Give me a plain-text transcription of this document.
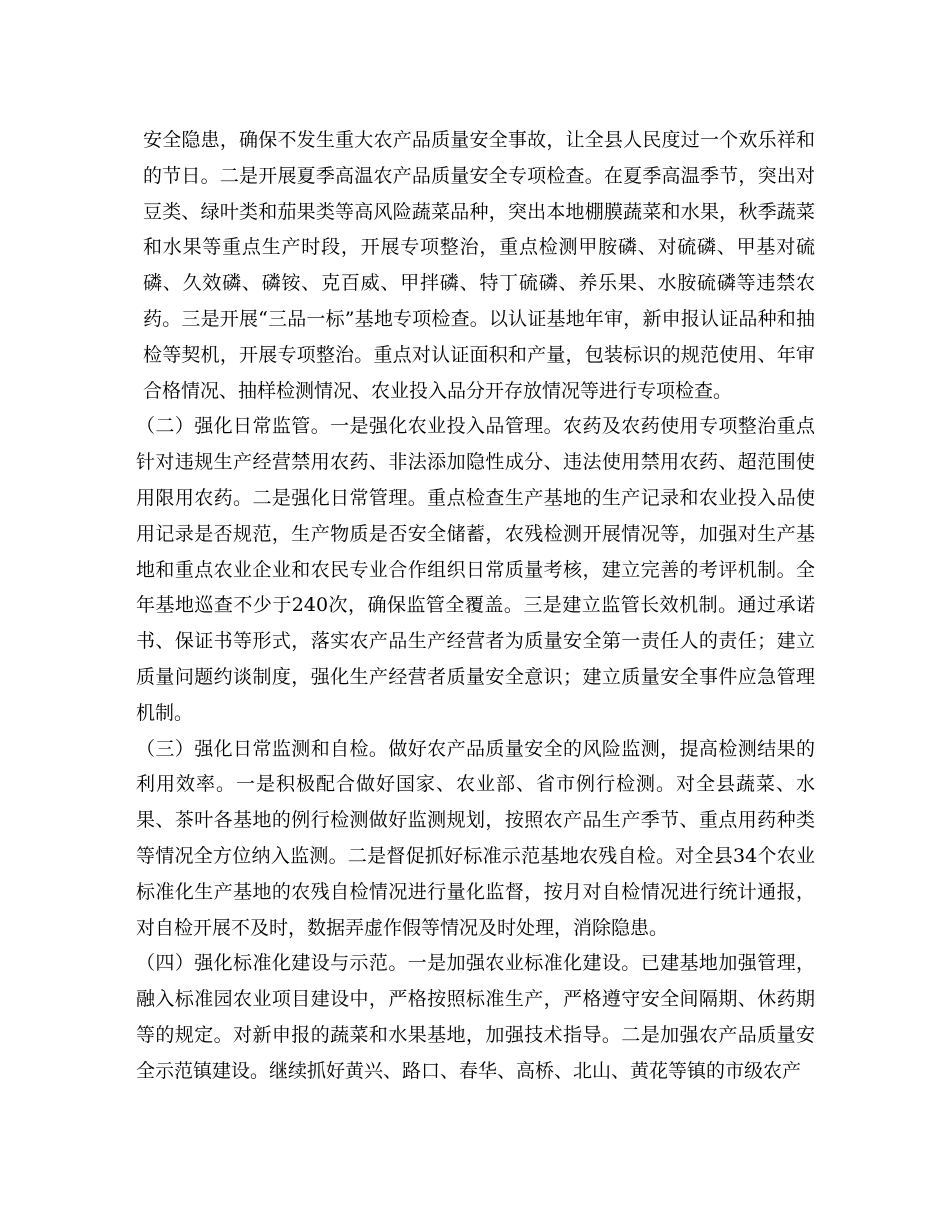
安全隐患，确保不发生重大农产品质量安全事故，让全县人民度过一个欢乐祥和的节日。二是开展夏季高温农产品质量安全专项检查。在夏季高温季节，突出对豆类、绿叶类和茄果类等高风险蔬菜品种，突出本地棚膜蔬菜和水果，秋季蔬菜和水果等重点生产时段，开展专项整治，重点检测甲胺磷、对硫磷、甲基对硫磷、久效磷、磷铵、克百威、甲拌磷、特丁硫磷、养乐果、水胺硫磷等违禁农药。三是开展“三品一标”基地专项检查。以认证基地年审，新申报认证品种和抽检等契机，开展专项整治。重点对认证面积和产量，包装标识的规范使用、年审合格情况、抽样检测情况、农业投入品分开存放情况等进行专项检查。

（二）强化日常监管。一是强化农业投入品管理。农药及农药使用专项整治重点针对违规生产经营禁用农药、非法添加隐性成分、违法使用禁用农药、超范围使用限用农药。二是强化日常管理。重点检查生产基地的生产记录和农业投入品使用记录是否规范，生产物质是否安全储蓄，农残检测开展情况等，加强对生产基地和重点农业企业和农民专业合作组织日常质量考核，建立完善的考评机制。全年基地巡查不少于240次，确保监管全覆盖。三是建立监管长效机制。通过承诺书、保证书等形式，落实农产品生产经营者为质量安全第一责任人的责任；建立质量问题约谈制度，强化生产经营者质量安全意识；建立质量安全事件应急管理机制。

（三）强化日常监测和自检。做好农产品质量安全的风险监测，提高检测结果的利用效率。一是积极配合做好国家、农业部、省市例行检测。对全县蔬菜、水果、茶叶各基地的例行检测做好监测规划，按照农产品生产季节、重点用药种类等情况全方位纳入监测。二是督促抓好标准示范基地农残自检。对全县34个农业标准化生产基地的农残自检情况进行量化监督，按月对自检情况进行统计通报，对自检开展不及时，数据弄虚作假等情况及时处理，消除隐患。

（四）强化标准化建设与示范。一是加强农业标准化建设。已建基地加强管理，融入标准园农业项目建设中，严格按照标准生产，严格遵守安全间隔期、休药期等的规定。对新申报的蔬菜和水果基地，加强技术指导。二是加强农产品质量安全示范镇建设。继续抓好黄兴、路口、春华、高桥、北山、黄花等镇的市级农产
